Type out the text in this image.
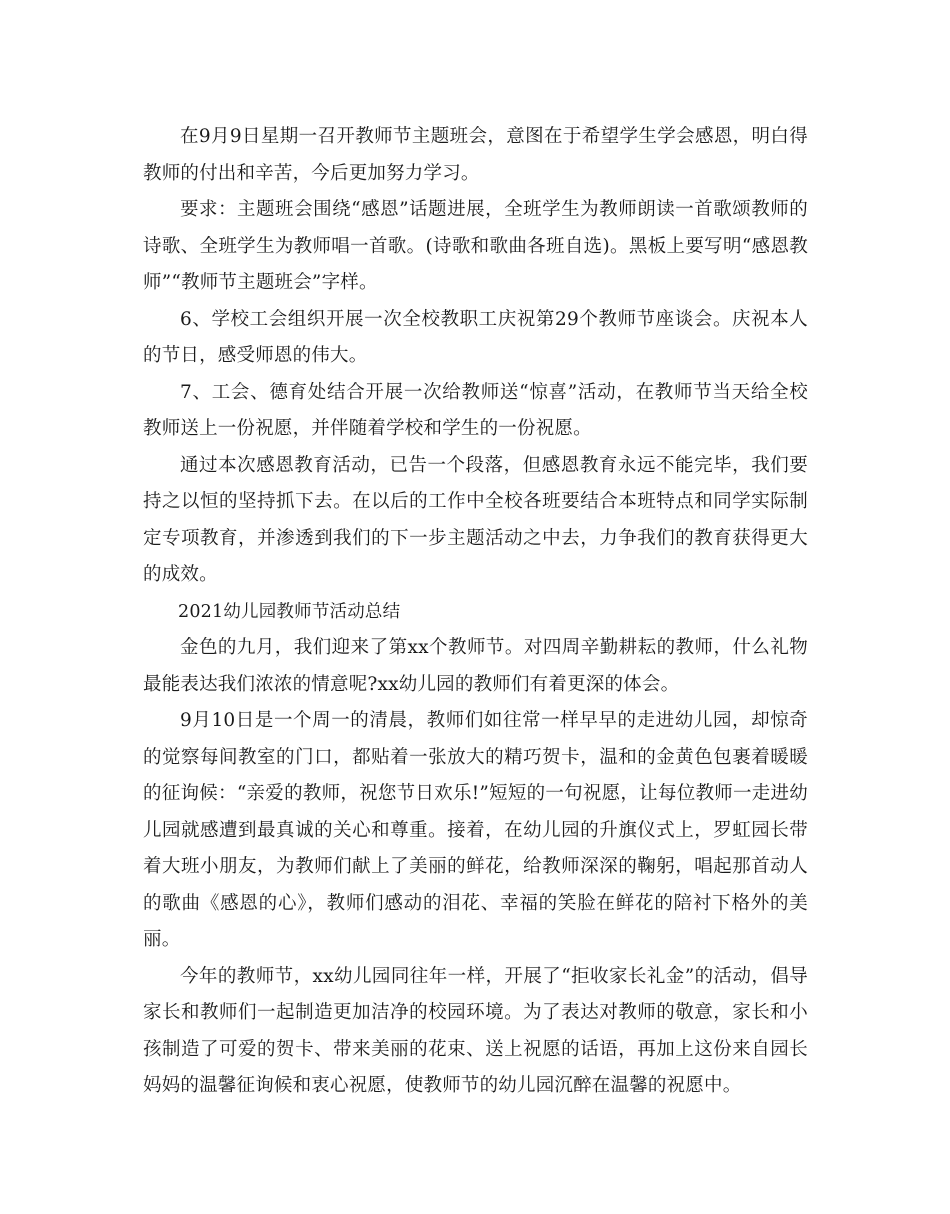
在9月9日星期一召开教师节主题班会，意图在于希望学生学会感恩，明白得教师的付出和辛苦，今后更加努力学习。

要求：主题班会围绕“感恩”话题进展，全班学生为教师朗读一首歌颂教师的诗歌、全班学生为教师唱一首歌。(诗歌和歌曲各班自选)。黑板上要写明“感恩教师”“教师节主题班会”字样。

6、学校工会组织开展一次全校教职工庆祝第29个教师节座谈会。庆祝本人的节日，感受师恩的伟大。

7、工会、德育处结合开展一次给教师送“惊喜”活动，在教师节当天给全校教师送上一份祝愿，并伴随着学校和学生的一份祝愿。

通过本次感恩教育活动，已告一个段落，但感恩教育永远不能完毕，我们要持之以恒的坚持抓下去。在以后的工作中全校各班要结合本班特点和同学实际制定专项教育，并渗透到我们的下一步主题活动之中去，力争我们的教育获得更大的成效。

2021幼儿园教师节活动总结

金色的九月，我们迎来了第xx个教师节。对四周辛勤耕耘的教师，什么礼物最能表达我们浓浓的情意呢?xx幼儿园的教师们有着更深的体会。

9月10日是一个周一的清晨，教师们如往常一样早早的走进幼儿园，却惊奇的觉察每间教室的门口，都贴着一张放大的精巧贺卡，温和的金黄色包裹着暖暖的征询候：“亲爱的教师，祝您节日欢乐!”短短的一句祝愿，让每位教师一走进幼儿园就感遭到最真诚的关心和尊重。接着，在幼儿园的升旗仪式上，罗虹园长带着大班小朋友，为教师们献上了美丽的鲜花，给教师深深的鞠躬，唱起那首动人的歌曲《感恩的心》，教师们感动的泪花、幸福的笑脸在鲜花的陪衬下格外的美丽。

今年的教师节，xx幼儿园同往年一样，开展了“拒收家长礼金”的活动，倡导家长和教师们一起制造更加洁净的校园环境。为了表达对教师的敬意，家长和小孩制造了可爱的贺卡、带来美丽的花束、送上祝愿的话语，再加上这份来自园长妈妈的温馨征询候和衷心祝愿，使教师节的幼儿园沉醉在温馨的祝愿中。
